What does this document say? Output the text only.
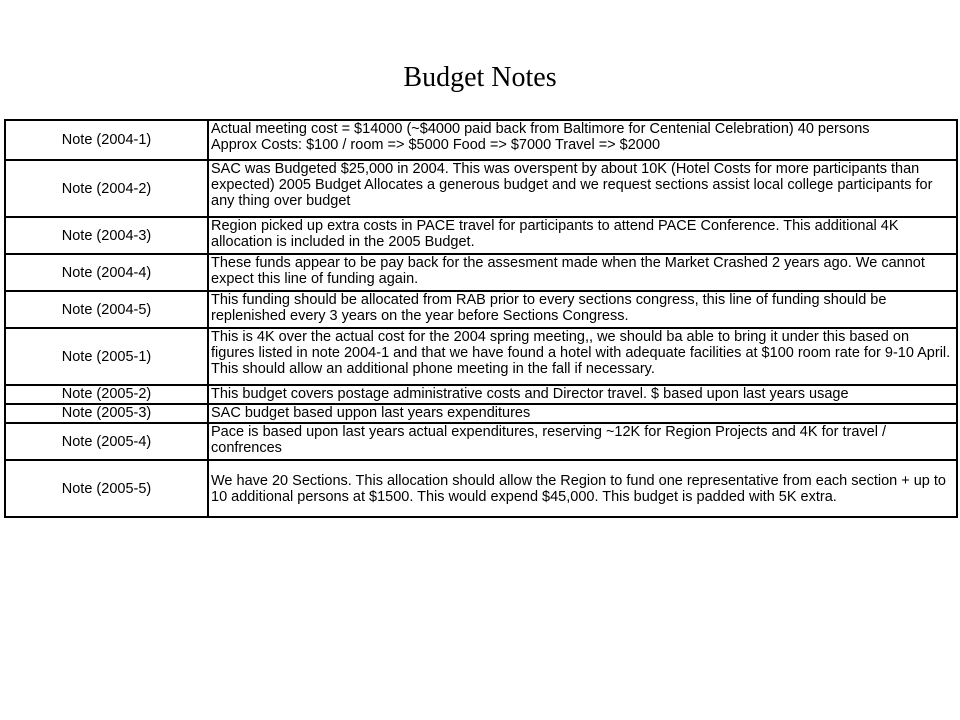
Budget Notes
Note (2004-1)	Actual meeting cost = $14000 (~$4000 paid back from Baltimore for Centenial Celebration) 40 persons
Approx Costs: $100 / room => $5000 Food => $7000 Travel => $2000

Note (2004-2)	SAC was Budgeted $25,000 in 2004. This was overspent by about 10K (Hotel Costs for more participants than expected) 2005 Budget Allocates a generous budget and we request sections assist local college participants for any thing over budget
Note (2004-3)	Region picked up extra costs in PACE travel for participants to attend PACE Conference. This additional 4K allocation is included in the 2005 Budget.
Note (2004-4)	These funds appear to be pay back for the assesment made when the Market Crashed 2 years ago. We cannot expect this line of funding again.
Note (2004-5)	This funding should be allocated from RAB prior to every sections congress, this line of funding should be replenished every 3 years on the year before Sections Congress.
Note (2005-1)	This is 4K over the actual cost for the 2004 spring meeting,, we should ba able to bring it under this based on figures listed in note 2004-1 and that we have found a hotel with adequate facilities at $100 room rate for 9-10 April. This should allow an additional phone meeting in the fall if necessary.
Note (2005-2)	This budget covers postage administrative costs and Director travel. $ based upon last years usage
Note (2005-3)	SAC budget based uppon last years expenditures
Note (2005-4)	Pace is based upon last years actual expenditures, reserving ~12K for Region Projects and 4K for travel / confrences
Note (2005-5)	We have 20 Sections. This allocation should allow the Region to fund one representative from each section + up to 10 additional persons at $1500. This would expend $45,000. This budget is padded with 5K extra.
